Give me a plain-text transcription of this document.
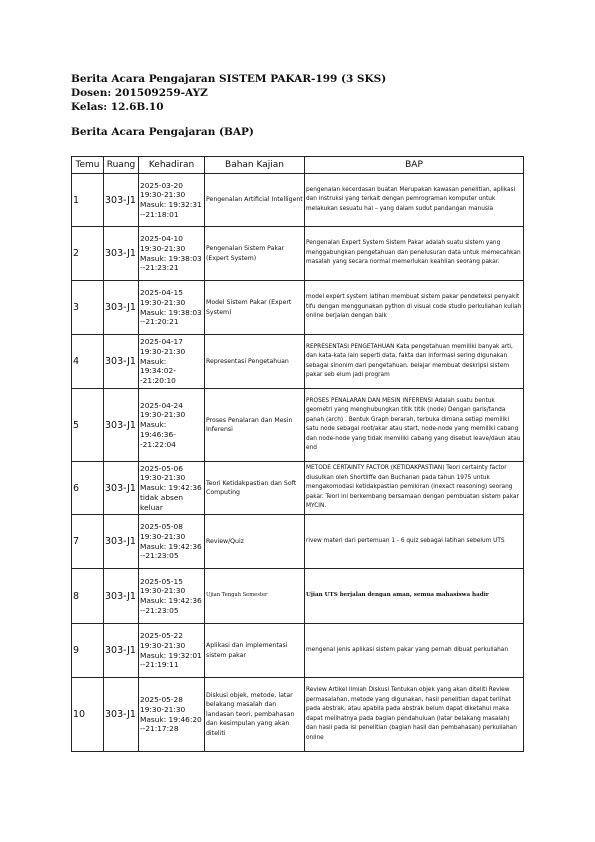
Berita Acara Pengajaran SISTEM PAKAR-199 (3 SKS)
Dosen: 201509259-AYZ
Kelas: 12.6B.10
Berita Acara Pengajaran (BAP)
Temu	Ruang	Kehadiran	Bahan Kajian	BAP
1	303-J1	2025-03-20 19:30-21:30 Masuk: 19:32:31 --21:18:01	Pengenalan Artificial Intelligent	pengenalan kecerdasan buatan Merupakan kawasan penelitian, aplikasi dan instruksi yang terkait dengan pemrograman komputer untuk melakukan sesuatu hal – yang dalam sudut pandangan manusia
2	303-J1	2025-04-10 19:30-21:30 Masuk: 19:38:03 --21:23:21	Pengenalan Sistem Pakar (Expert System)	Pengenalan Expert System Sistem Pakar adalah suatu sistem yang menggabungkan pengetahuan dan penelusuran data untuk memecahkan masalah yang secara normal memerlukan keahlian seorang pakar.
3	303-J1	2025-04-15 19:30-21:30 Masuk: 19:38:03 --21:20:21	Model Sistem Pakar (Expert System)	model expert system latihan membuat sistem pakar pendeteksi penyakit tifu dengan menggunakan python di visual code studio perkuliahan kuliah online berjalan dengan baik
4	303-J1	2025-04-17 19:30-21:30 Masuk: 19:34:02--21:20:10	Representasi Pengetahuan	REPRESENTASI PENGETAHUAN Kata pengetahuan memiliki banyak arti, dan kata-kata lain seperti data, fakta dan informasi sering digunakan sebagai sinonim dari pengetahuan. belajar membuat deskripsi sistem pakar seb elum jadi program
5	303-J1	2025-04-24 19:30-21:30 Masuk: 19:46:36--21:22:04	Proses Penalaran dan Mesin Inferensi	PROSES PENALARAN DAN MESIN INFERENSI Adalah suatu bentuk geometri yang menghubungkan titik titik (node) Dengan garis/tanda panah (arch) . Bentuk Graph berarah, terbuka dimana setiap memiliki satu node sebagai root/akar atau start, node-node yang memiliki cabang dan node-node yang tidak memiliki cabang yang disebut leave/daun atau end
6	303-J1	2025-05-06 19:30-21:30 Masuk: 19:42:36 tidak absen keluar	Teori Ketidakpastian dan Soft Computing	METODE CERTAINTY FACTOR (KETIDAKPASTIAN) Teori certainty factor diusulkan oleh Shortliffe dan Buchanan pada tahun 1975 untuk mengakomodasi ketidakpastian pemikiran (inexact reasoning) seorang pakar. Teori ini berkembang bersamaan dengan pembuatan sistem pakar MYCIN.
7	303-J1	2025-05-08 19:30-21:30 Masuk: 19:42:36 --21:23:05	Review/Quiz	rivew materi dari pertemuan 1 - 6 quiz sebagai latihan sebelum UTS
8	303-J1	2025-05-15 19:30-21:30 Masuk: 19:42:36 --21:23:05	Ujian Tengah Semester	Ujian UTS berjalan dengan aman, semua mahasiswa hadir
9	303-J1	2025-05-22 19:30-21:30 Masuk: 19:32:01 --21:19:11	Aplikasi dan implementasi sistem pakar	mengenal jenis aplikasi sistem pakar yang pernah dibuat perkuliahan
10	303-J1	2025-05-28 19:30-21:30 Masuk: 19:46:20 --21:17:28	Diskusi objek, metode, latar belakang masalah dan landasan teori, pembahasan dan kesimpulan yang akan diteliti	Review Artikel Ilmiah Diskusi Tentukan objek yang akan diteliti Review permasalahan, metode yang digunakan, hasil penelitian dapat terlihat pada abstrak, atau apabila pada abstrak belum dapat diketahui maka dapat melihatnya pada bagian pendahuluan (latar belakang masalah) dan hasil pada isi penelitian (bagian hasil dan pembahasan) perkuliahan online
